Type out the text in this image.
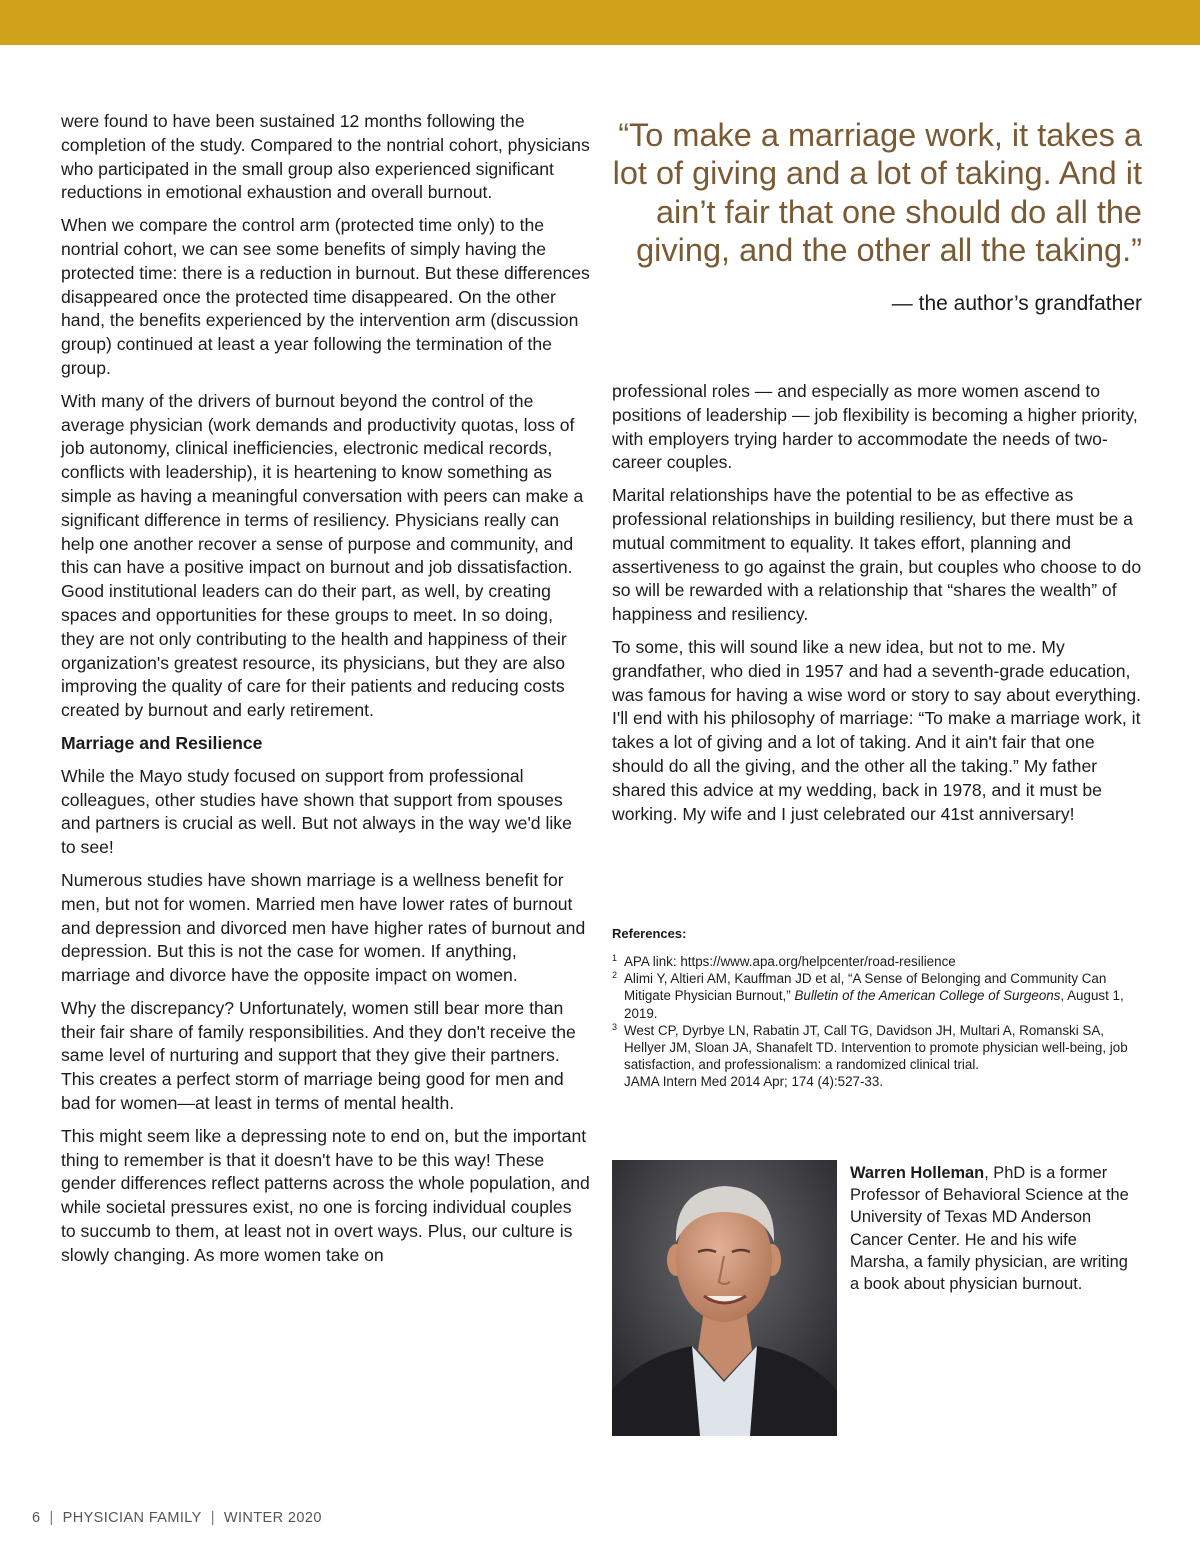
were found to have been sustained 12 months following the completion of the study. Compared to the nontrial cohort, physicians who participated in the small group also experienced significant reductions in emotional exhaustion and overall burnout.

When we compare the control arm (protected time only) to the nontrial cohort, we can see some benefits of simply having the protected time: there is a reduction in burnout. But these differences disappeared once the protected time disappeared. On the other hand, the benefits experienced by the intervention arm (discussion group) continued at least a year following the termination of the group.

With many of the drivers of burnout beyond the control of the average physician (work demands and productivity quotas, loss of job autonomy, clinical inefficiencies, electronic medical records, conflicts with leadership), it is heartening to know something as simple as having a meaningful conversation with peers can make a significant difference in terms of resiliency. Physicians really can help one another recover a sense of purpose and community, and this can have a positive impact on burnout and job dissatisfaction. Good institutional leaders can do their part, as well, by creating spaces and opportunities for these groups to meet. In so doing, they are not only contributing to the health and happiness of their organization's greatest resource, its physicians, but they are also improving the quality of care for their patients and reducing costs created by burnout and early retirement.

Marriage and Resilience

While the Mayo study focused on support from professional colleagues, other studies have shown that support from spouses and partners is crucial as well. But not always in the way we'd like to see!

Numerous studies have shown marriage is a wellness benefit for men, but not for women. Married men have lower rates of burnout and depression and divorced men have higher rates of burnout and depression. But this is not the case for women. If anything, marriage and divorce have the opposite impact on women.

Why the discrepancy? Unfortunately, women still bear more than their fair share of family responsibilities. And they don't receive the same level of nurturing and support that they give their partners. This creates a perfect storm of marriage being good for men and bad for women—at least in terms of mental health.

This might seem like a depressing note to end on, but the important thing to remember is that it doesn't have to be this way! These gender differences reflect patterns across the whole population, and while societal pressures exist, no one is forcing individual couples to succumb to them, at least not in overt ways. Plus, our culture is slowly changing. As more women take on

“To make a marriage work, it takes a lot of giving and a lot of taking. And it ain’t fair that one should do all the giving, and the other all the taking.”
— the author’s grandfather

professional roles — and especially as more women ascend to positions of leadership — job flexibility is becoming a higher priority, with employers trying harder to accommodate the needs of two-career couples.

Marital relationships have the potential to be as effective as professional relationships in building resiliency, but there must be a mutual commitment to equality. It takes effort, planning and assertiveness to go against the grain, but couples who choose to do so will be rewarded with a relationship that “shares the wealth” of happiness and resiliency.

To some, this will sound like a new idea, but not to me. My grandfather, who died in 1957 and had a seventh-grade education, was famous for having a wise word or story to say about everything. I'll end with his philosophy of marriage: “To make a marriage work, it takes a lot of giving and a lot of taking. And it ain't fair that one should do all the giving, and the other all the taking.” My father shared this advice at my wedding, back in 1978, and it must be working. My wife and I just celebrated our 41st anniversary!

References:
1 APA link: https://www.apa.org/helpcenter/road-resilience
2 Alimi Y, Altieri AM, Kauffman JD et al, “A Sense of Belonging and Community Can Mitigate Physician Burnout,” Bulletin of the American College of Surgeons, August 1, 2019.
3 West CP, Dyrbye LN, Rabatin JT, Call TG, Davidson JH, Multari A, Romanski SA, Hellyer JM, Sloan JA, Shanafelt TD. Intervention to promote physician well-being, job satisfaction, and professionalism: a randomized clinical trial.
JAMA Intern Med 2014 Apr; 174 (4):527-33.
Warren Holleman, PhD is a former Professor of Behavioral Science at the University of Texas MD Anderson Cancer Center. He and his wife Marsha, a family physician, are writing a book about physician burnout.
6 | PHYSICIAN FAMILY | WINTER 2020
